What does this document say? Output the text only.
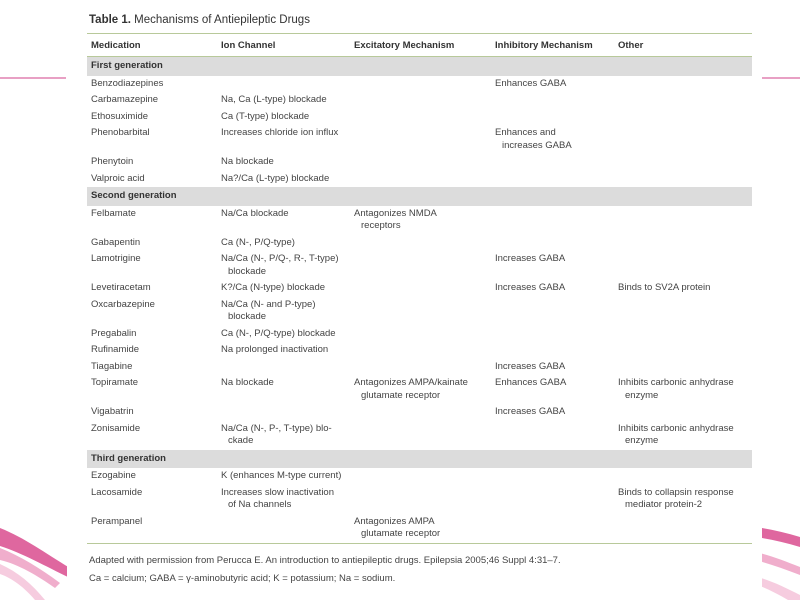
Table 1. Mechanisms of Antiepileptic Drugs
Medication	Ion Channel	Excitatory Mechanism	Inhibitory Mechanism	Other
First generation				

Benzodiazepines			Enhances GABA	

Carbamazepine	Na, Ca (L-type) blockade			

Ethosuximide	Ca (T-type) blockade			

Phenobarbital	Increases chloride ion influx		Enhances and
increases GABA	

Phenytoin	Na blockade			

Valproic acid	Na?/Ca (L-type) blockade			

Second generation				

Felbamate	Na/Ca blockade	Antagonizes NMDA
receptors		

Gabapentin	Ca (N-, P/Q-type)			

Lamotrigine	Na/Ca (N-, P/Q-, R-, T-type)
blockade		Increases GABA	

Levetiracetam	K?/Ca (N-type) blockade		Increases GABA	Binds to SV2A protein

Oxcarbazepine	Na/Ca (N- and P-type)
blockade			

Pregabalin	Ca (N-, P/Q-type) blockade			

Rufinamide	Na prolonged inactivation			

Tiagabine			Increases GABA	

Topiramate	Na blockade	Antagonizes AMPA/kainate
glutamate receptor	Enhances GABA	Inhibits carbonic anhydrase
enzyme

Vigabatrin			Increases GABA	

Zonisamide	Na/Ca (N-, P-, T-type) blo-
ckade			Inhibits carbonic anhydrase
enzyme

Third generation				

Ezogabine	K (enhances M-type current)			

Lacosamide	Increases slow inactivation
of Na channels			Binds to collapsin response
mediator protein-2

Perampanel		Antagonizes AMPA
glutamate receptor		

Adapted with permission from Perucca E. An introduction to antiepileptic drugs. Epilepsia 2005;46 Suppl 4:31–7.
Ca = calcium; GABA = γ-aminobutyric acid; K = potassium; Na = sodium.
